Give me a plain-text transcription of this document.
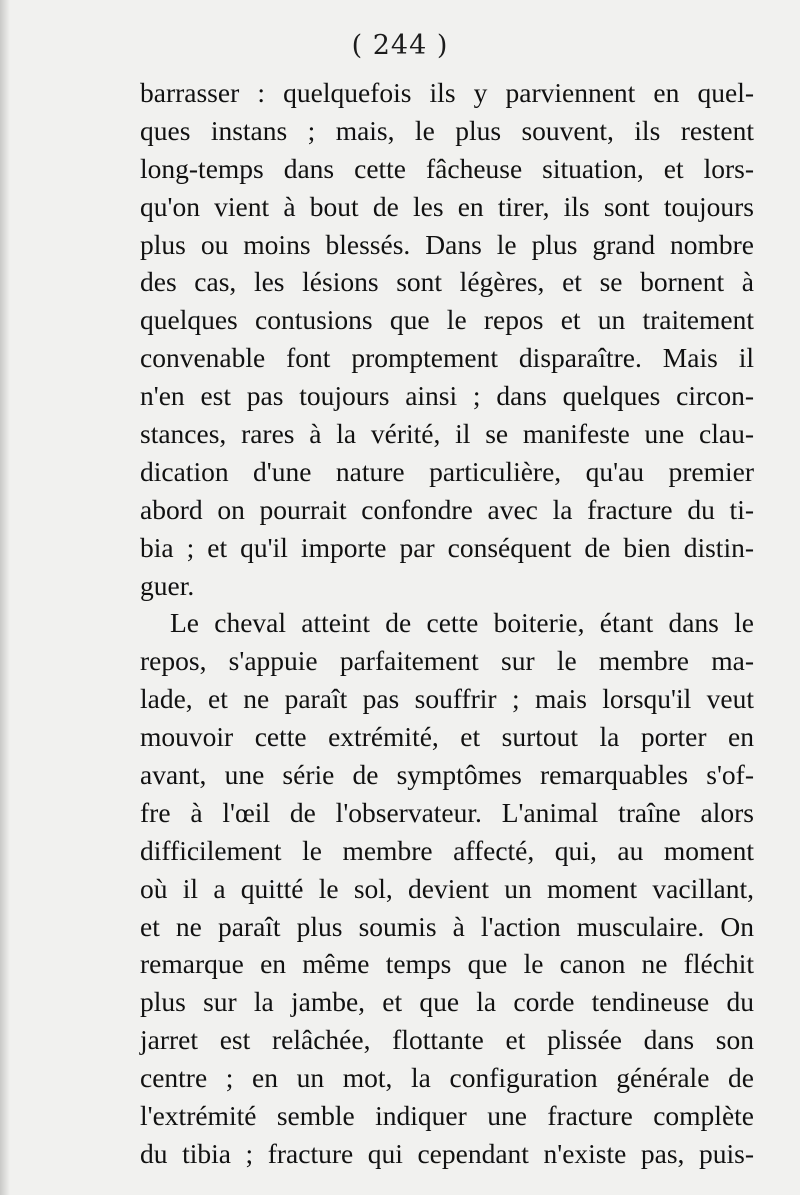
( 244 )
barrasser : quelquefois ils y parviennent en quel-
ques instans ; mais, le plus souvent, ils restent
long-temps dans cette fâcheuse situation, et lors-
qu'on vient à bout de les en tirer, ils sont toujours
plus ou moins blessés. Dans le plus grand nombre
des cas, les lésions sont légères, et se bornent à
quelques contusions que le repos et un traitement
convenable font promptement disparaître. Mais il
n'en est pas toujours ainsi ; dans quelques circon-
stances, rares à la vérité, il se manifeste une clau-
dication d'une nature particulière, qu'au premier
abord on pourrait confondre avec la fracture du ti-
bia ; et qu'il importe par conséquent de bien distin-
guer.
Le cheval atteint de cette boiterie, étant dans le
repos, s'appuie parfaitement sur le membre ma-
lade, et ne paraît pas souffrir ; mais lorsqu'il veut
mouvoir cette extrémité, et surtout la porter en
avant, une série de symptômes remarquables s'of-
fre à l'œil de l'observateur. L'animal traîne alors
difficilement le membre affecté, qui, au moment
où il a quitté le sol, devient un moment vacillant,
et ne paraît plus soumis à l'action musculaire. On
remarque en même temps que le canon ne fléchit
plus sur la jambe, et que la corde tendineuse du
jarret est relâchée, flottante et plissée dans son
centre ; en un mot, la configuration générale de
l'extrémité semble indiquer une fracture complète
du tibia ; fracture qui cependant n'existe pas, puis-
